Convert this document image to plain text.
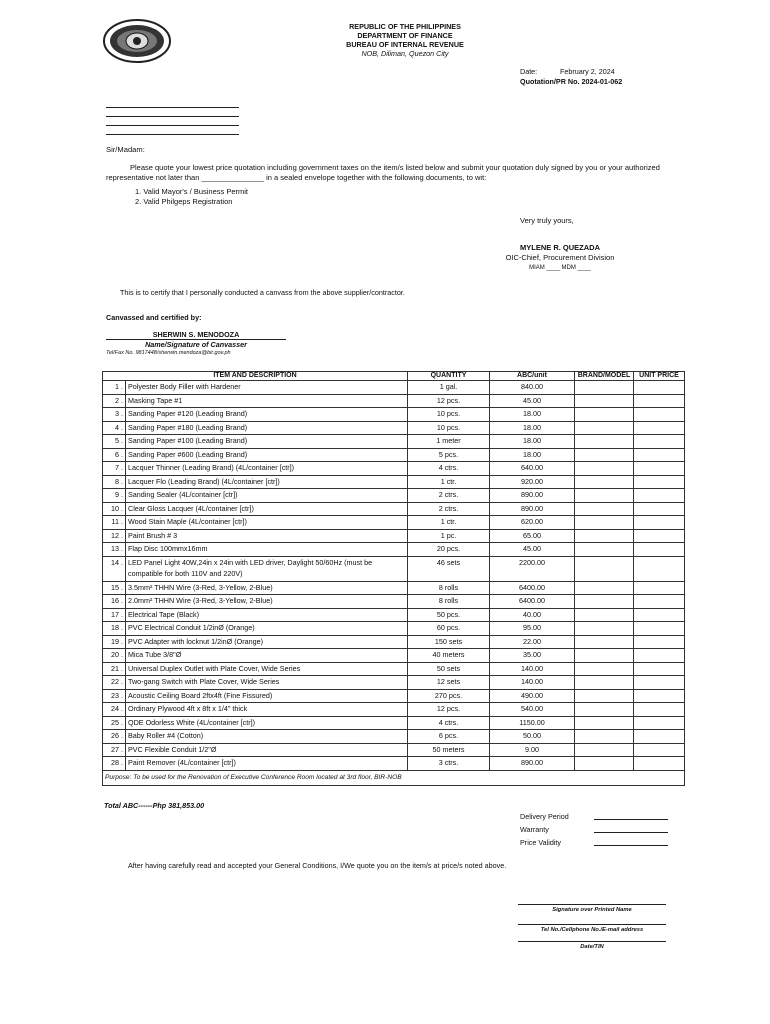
REPUBLIC OF THE PHILIPPINES
DEPARTMENT OF FINANCE
BUREAU OF INTERNAL REVENUE
NOB, Diliman, Quezon City
Date:	February 2, 2024
Quotation/PR No. 2024-01-062
Sir/Madam:
Please quote your lowest price quotation including government taxes on the item/s listed below and submit your quotation duly signed by you or your authorized representative not later than _______________ in a sealed envelope together with the following documents, to wit:
1. Valid Mayor's / Business Permit
2. Valid Philgeps Registration
Very truly yours,
MYLENE R. QUEZADA
OIC-Chief, Procurement Division
MIAM ____ MDM ____
This is to certify that I personally conducted a canvass from the above supplier/contractor.
Canvassed and certified by:
SHERWIN S. MENODOZA
Name/Signature of Canvasser
Tel/Fax No. 9817448/sherwin.mendoza@bir.gov.ph
ITEM AND DESCRIPTION		QUANTITY	ABC/unit	BRAND/MODEL	UNIT PRICE
1 .	Polyester Body Filler with Hardener	1 gal.	840.00		
2 .	Masking Tape #1	12 pcs.	45.00		
3 .	Sanding Paper #120 (Leading Brand)	10 pcs.	18.00		
4 .	Sanding Paper #180 (Leading Brand)	10 pcs.	18.00		
5 .	Sanding Paper #100 (Leading Brand)	1 meter	18.00		
6 .	Sanding Paper #600 (Leading Brand)	5 pcs.	18.00		
7 .	Lacquer Thinner (Leading Brand) (4L/container [ctr])	4 ctrs.	640.00		
8 .	Lacquer Flo (Leading Brand) (4L/container [ctr])	1 ctr.	920.00		
9 .	Sanding Sealer (4L/container [ctr])	2 ctrs.	890.00		
10 .	Clear Gloss Lacquer (4L/container [ctr])	2 ctrs.	890.00		
11 .	Wood Stain Maple (4L/container [ctr])	1 ctr.	620.00		
12 .	Paint Brush # 3	1 pc.	65.00		
13 .	Flap Disc 100mmx16mm	20 pcs.	45.00		
14 .	LED Panel Light 40W,24in x 24in with LED driver, Daylight 50/60Hz (must be compatible for both 110V and 220V)	46 sets	2200.00		
15 .	3.5mm² THHN Wire (3-Red, 3-Yellow, 2-Blue)	8 rolls	6400.00		
16 .	2.0mm² THHN Wire (3-Red, 3-Yellow, 2-Blue)	8 rolls	6400.00		
17 .	Electrical Tape (Black)	50 pcs.	40.00		
18 .	PVC Electrical Conduit 1/2inØ (Orange)	60 pcs.	95.00		
19 .	PVC Adapter with locknut 1/2inØ (Orange)	150 sets	22.00		
20 .	Mica Tube 3/8"Ø	40 meters	35.00		
21 .	Universal Duplex Outlet with Plate Cover, Wide Series	50 sets	140.00		
22 .	Two-gang Switch with Plate Cover, Wide Series	12 sets	140.00		
23 .	Acoustic Ceiling Board 2ftx4ft (Fine Fissured)	270 pcs.	490.00		
24 .	Ordinary Plywood 4ft x 8ft x 1/4" thick	12 pcs.	540.00		
25 .	QDE Odorless White (4L/container [ctr])	4 ctrs.	1150.00		
26 .	Baby Roller #4 (Cotton)	6 pcs.	50.00		
27 .	PVC Flexible Conduit 1/2"Ø	50 meters	9.00		
28 .	Paint Remover (4L/container [ctr])	3 ctrs.	890.00		
Purpose: To be used for the Renovation of Executive Conference Room located at 3rd floor, BIR-NOB					
Total ABC------Php 381,853.00
Delivery Period
Warranty
Price Validity
After having carefully read and accepted your General Conditions, I/We quote you on the item/s at price/s noted above.
Signature over Printed Name
Tel No./Cellphone No./E-mail address
Date/TIN
